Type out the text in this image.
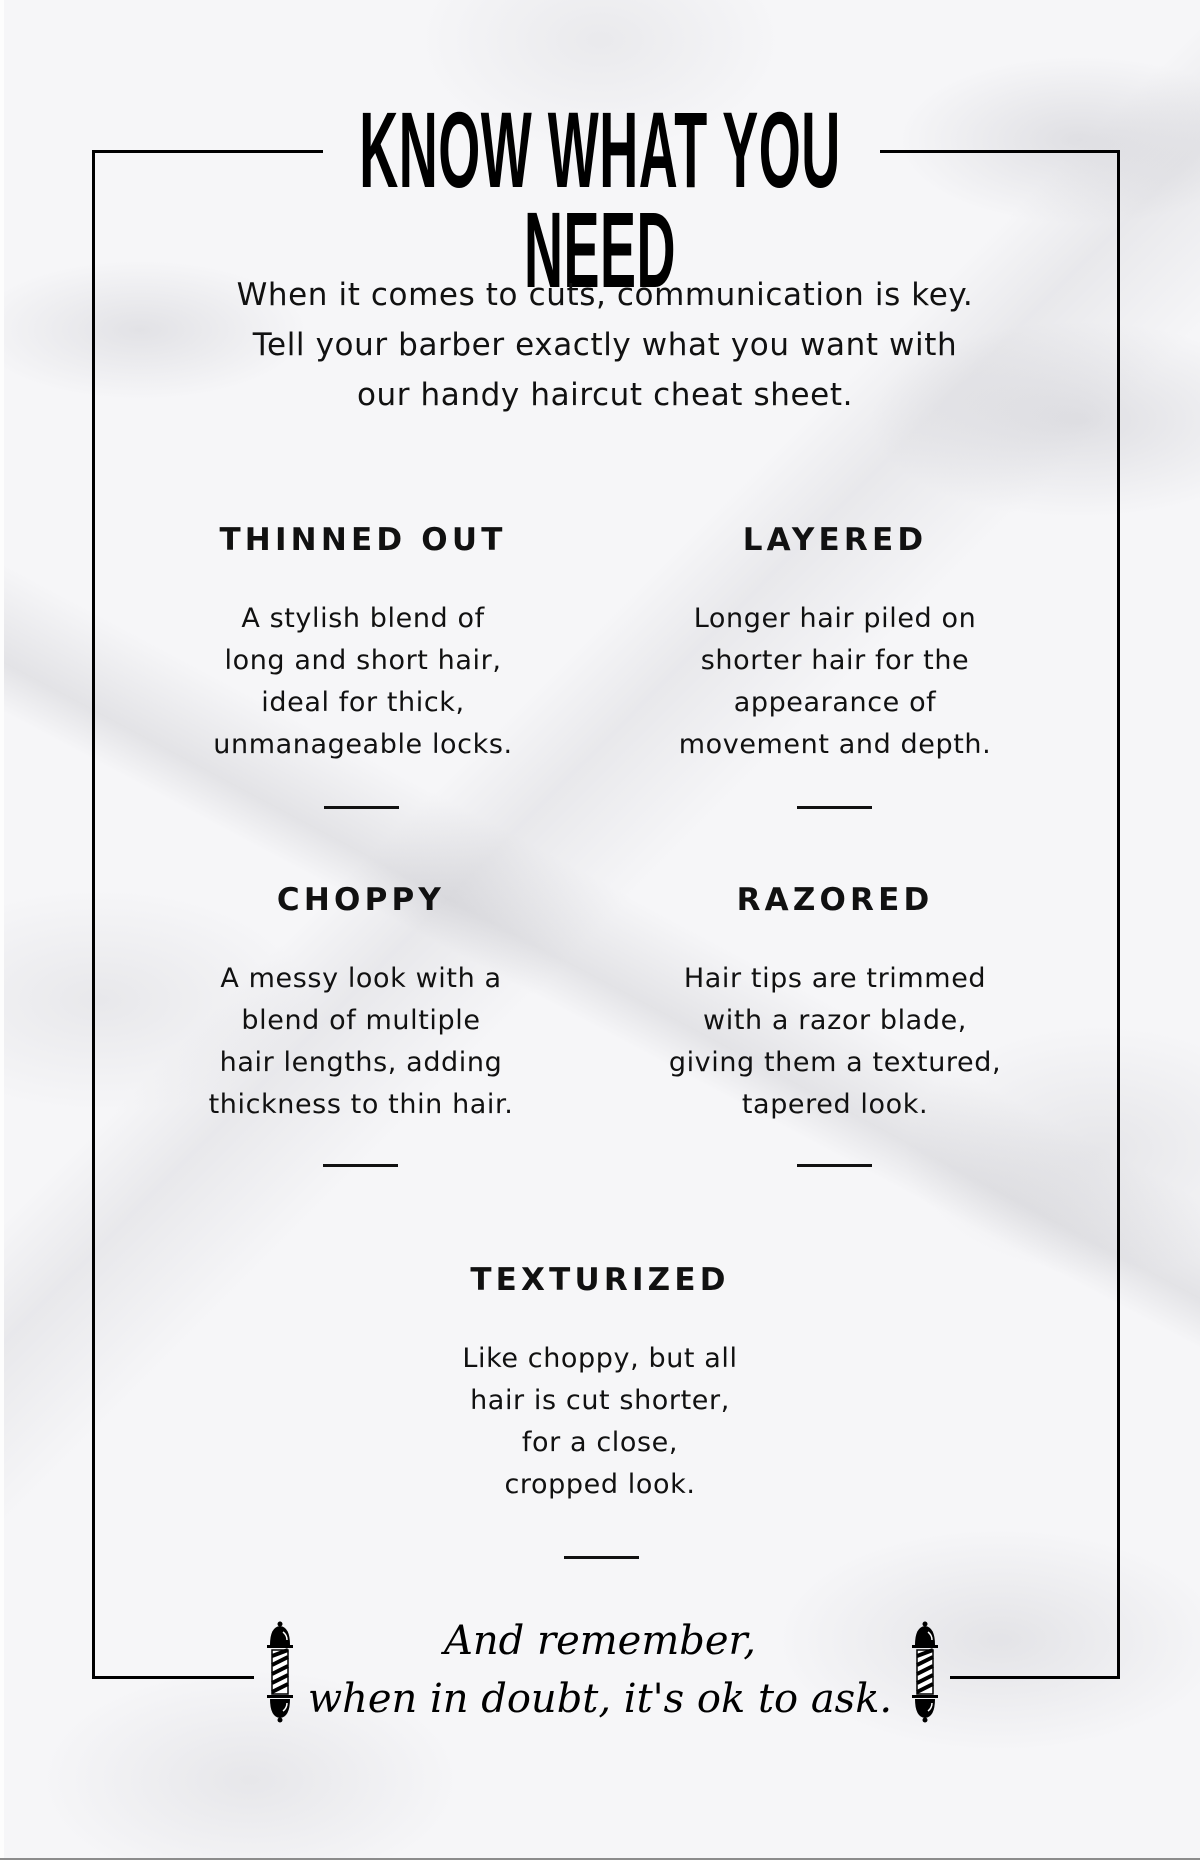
KNOW WHAT YOU NEED
When it comes to cuts, communication is key.
Tell your barber exactly what you want with
our handy haircut cheat sheet.
THINNED OUT
A stylish blend of
long and short hair,
ideal for thick,
unmanageable locks.
LAYERED
Longer hair piled on
shorter hair for the
appearance of
movement and depth.
CHOPPY
A messy look with a
blend of multiple
hair lengths, adding
thickness to thin hair.
RAZORED
Hair tips are trimmed
with a razor blade,
giving them a textured,
tapered look.
TEXTURIZED
Like choppy, but all
hair is cut shorter,
for a close,
cropped look.
And remember,
when in doubt, it's ok to ask.
